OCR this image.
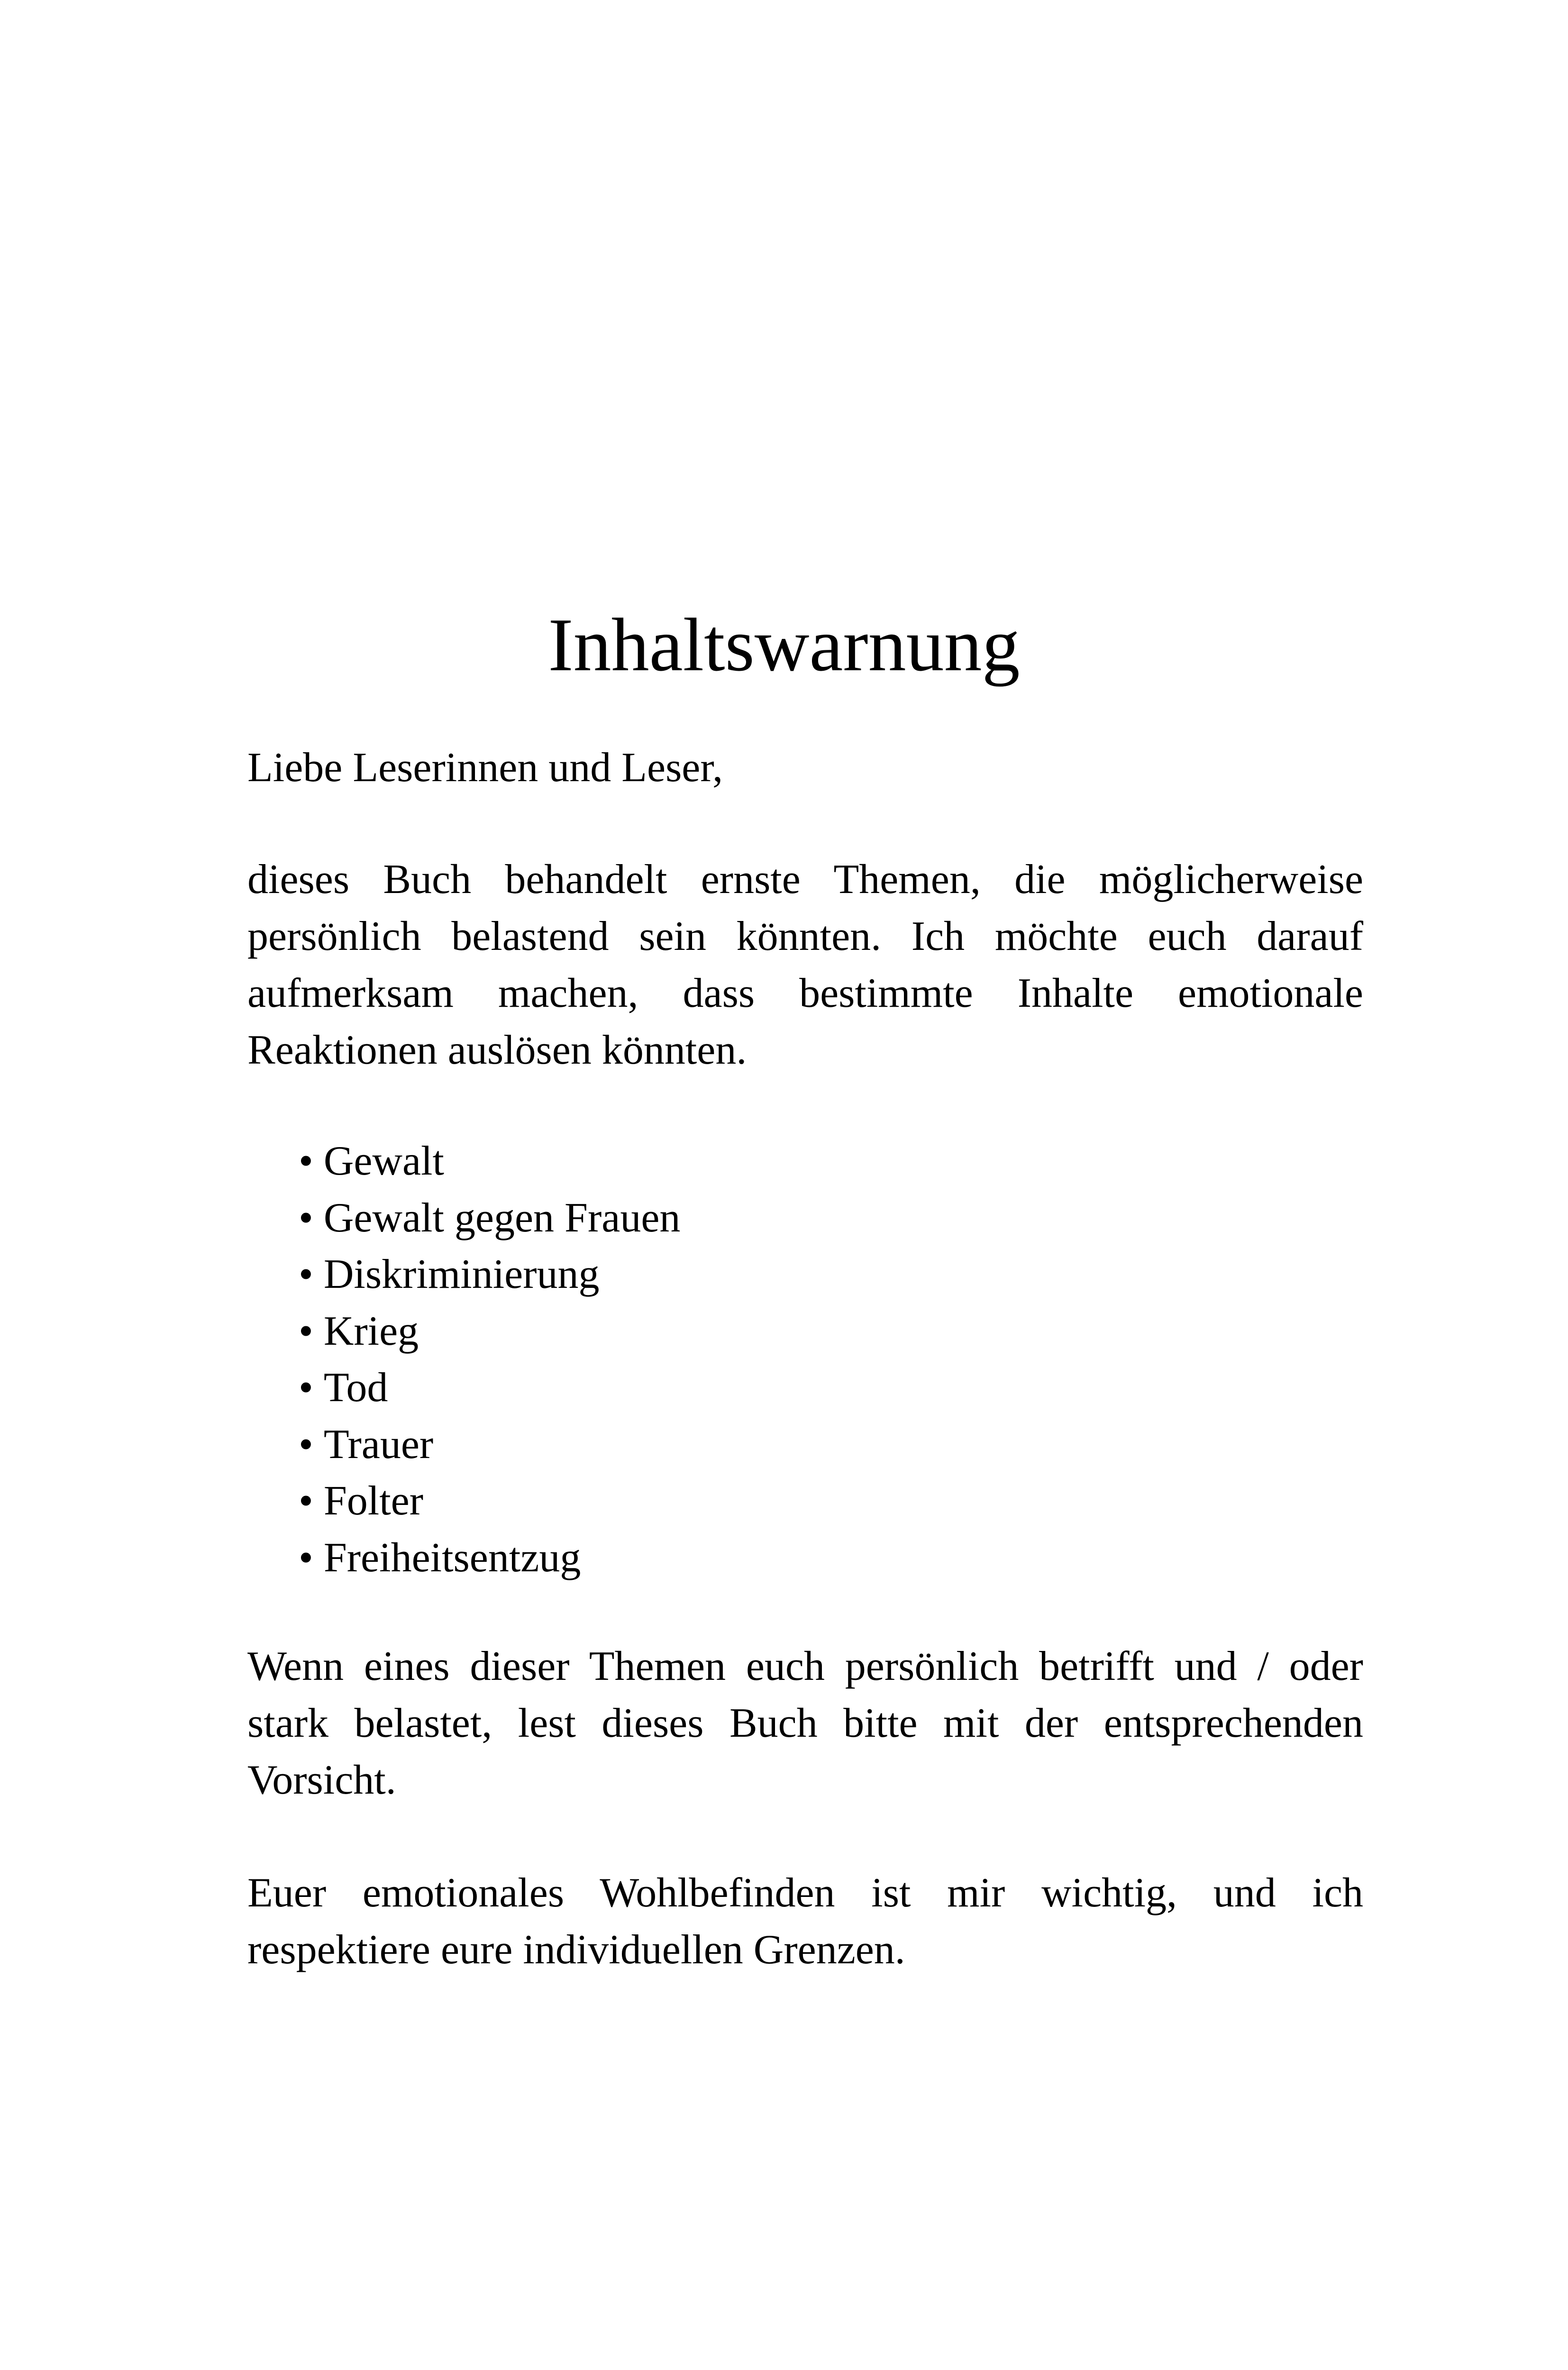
Inhaltswarnung

Liebe Leserinnen und Leser,

dieses Buch behandelt ernste Themen, die möglicherweise persönlich belastend sein könnten. Ich möchte euch darauf aufmerksam machen, dass bestimmte Inhalte emotionale Reaktionen auslösen könnten.

• Gewalt
• Gewalt gegen Frauen
• Diskriminierung
• Krieg
• Tod
• Trauer
• Folter
• Freiheitsentzug

Wenn eines dieser Themen euch persönlich betrifft und / oder stark belastet, lest dieses Buch bitte mit der entsprechenden Vorsicht.

Euer emotionales Wohlbefinden ist mir wichtig, und ich respektiere eure individuellen Grenzen.
